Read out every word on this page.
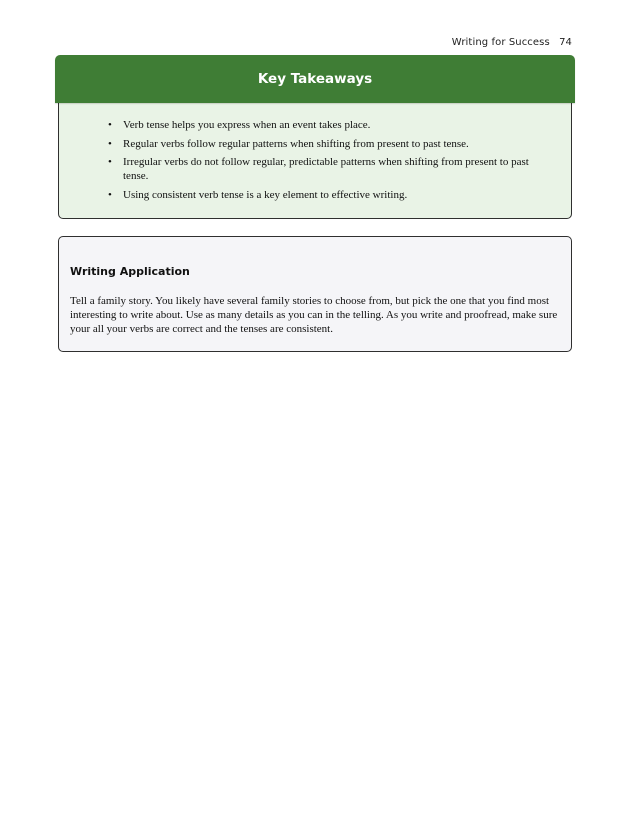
Writing for Success 74
Key Takeaways
• Verb tense helps you express when an event takes place.
• Regular verbs follow regular patterns when shifting from present to past tense.
• Irregular verbs do not follow regular, predictable patterns when shifting from present to past tense.
• Using consistent verb tense is a key element to effective writing.
Writing Application

Tell a family story. You likely have several family stories to choose from, but pick the one that you find most interesting to write about. Use as many details as you can in the telling. As you write and proofread, make sure your all your verbs are correct and the tenses are consistent.
